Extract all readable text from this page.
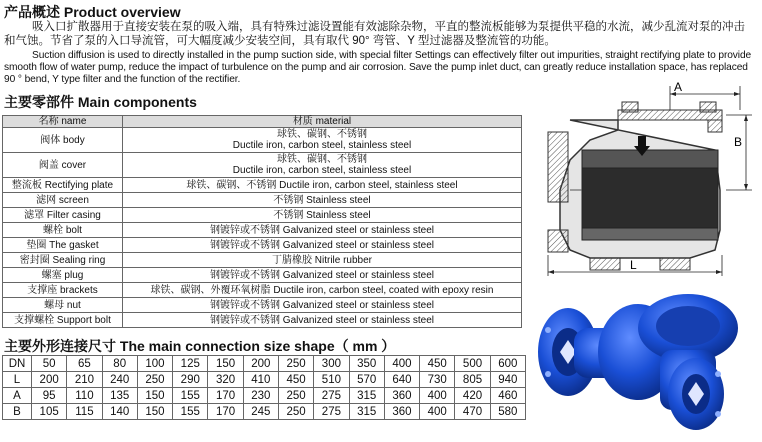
产品概述 Product overview
吸入口扩散器用于直接安装在泵的吸入端，具有特殊过滤设置能有效滤除杂物，平直的整流板能够为泵提供平稳的水流，减少乱流对泵的冲击和气蚀。节省了泵的入口导流管，可大幅度减少安装空间，具有取代 90° 弯管、Y 型过滤器及整流管的功能。
Suction diffusion is used to directly installed in the pump suction side, with special filter Settings can effectively filter out impurities, straight rectifying plate to provide smooth flow of water pump, reduce the impact of turbulence on the pump and air corrosion. Save the pump inlet duct, can greatly reduce installation space, has replaced 90 ° bend, Y type filter and the function of the rectifier.
主要零部件 Main components
名称 name	材质 material
阀体 body	球铁、碳钢、不锈钢
Ductile iron, carbon steel, stainless steel

阀盖 cover	球铁、碳钢、不锈钢
Ductile iron, carbon steel, stainless steel

整流板 Rectifying plate	球铁、碳钢、不锈钢 Ductile iron, carbon steel, stainless steel

滤网 screen	不锈钢 Stainless steel

滤罩 Filter casing	不锈钢 Stainless steel

螺栓 bolt	钢镀锌或不锈钢 Galvanized steel or stainless steel

垫圈 The gasket	钢镀锌或不锈钢 Galvanized steel or stainless steel

密封圈 Sealing ring	丁腈橡胶 Nitrile rubber

螺塞 plug	钢镀锌或不锈钢 Galvanized steel or stainless steel

支撑座 brackets	球铁、碳钢、外覆环氧树脂 Ductile iron, carbon steel, coated with epoxy resin

螺母 nut	钢镀锌或不锈钢 Galvanized steel or stainless steel

支撑螺栓 Support bolt	钢镀锌或不锈钢 Galvanized steel or stainless steel
主要外形连接尺寸 The main connection size shape（ mm ）
DN	50	65	80	100	125	150	200	250	300	350	400	450	500	600
L	200	210	240	250	290	320	410	450	510	570	640	730	805	940
A	95	110	135	150	155	170	230	250	275	315	360	400	420	460
B	105	115	140	150	155	170	245	250	275	315	360	400	470	580
A
B
L
